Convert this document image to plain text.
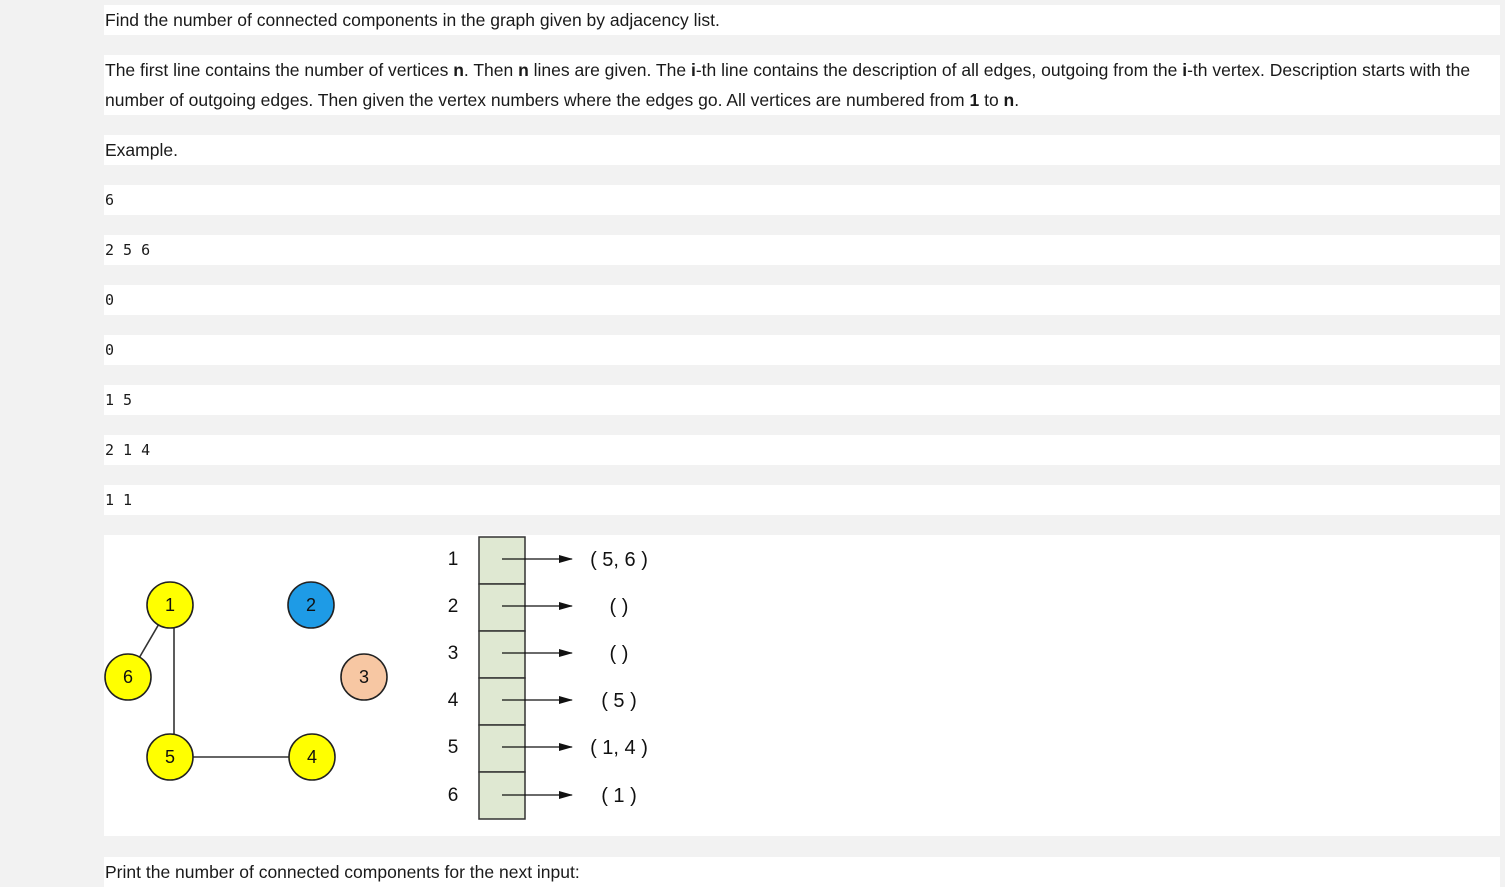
Find the number of connected components in the graph given by adjacency list.
The first line contains the number of vertices n. Then n lines are given. The i-th line contains the description of all edges, outgoing from the i-th vertex. Description starts with the number of outgoing edges. Then given the vertex numbers where the edges go. All vertices are numbered from 1 to n.
Example.
6
2 5 6
0
0
1 5
2 1 4
1 1
1	2
3
4
5
6
1	( 5, 6 )
2	( )
3	( )
4	( 5 )
5	( 1, 4 )
6	( 1 )
Print the number of connected components for the next input:
